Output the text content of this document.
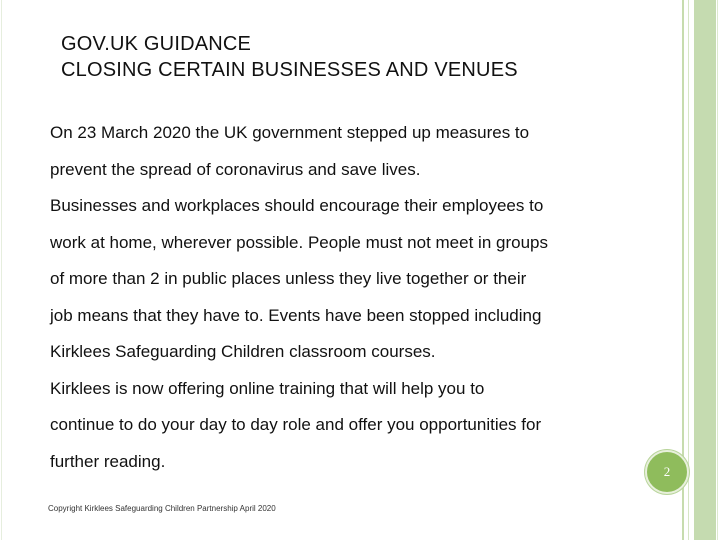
GOV.UK GUIDANCE
CLOSING CERTAIN BUSINESSES AND VENUES

On 23 March 2020 the UK government stepped up measures to

prevent the spread of coronavirus and save lives.

Businesses and workplaces should encourage their employees to

work at home, wherever possible. People must not meet in groups

of more than 2 in public places unless they live together or their

job means that they have to. Events have been stopped including

Kirklees Safeguarding Children classroom courses.

Kirklees is now offering online training that will help you to

continue to do your day to day role and offer you opportunities for

further reading.

Copyright Kirklees Safeguarding Children Partnership April 2020
2
